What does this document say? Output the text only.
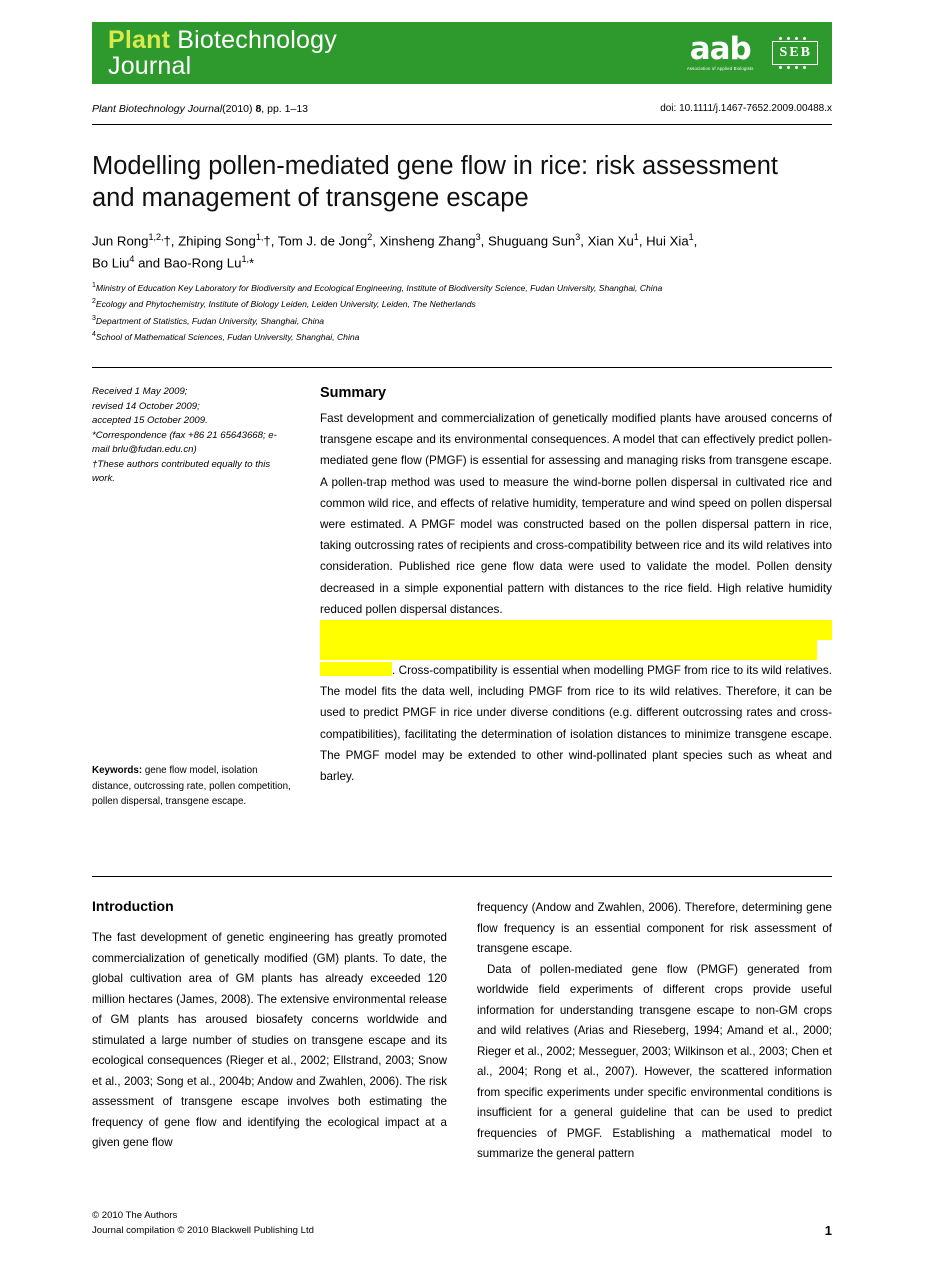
Plant Biotechnology
Journal	aab
Association of Applied Biologists
SEB
Plant Biotechnology Journal(2010) 8, pp. 1–13	doi: 10.1111/j.1467-7652.2009.00488.x
Modelling pollen-mediated gene flow in rice: risk assessment and management of transgene escape
Jun Rong$^{1,2,}$†, Zhiping Song$^{1,}$†, Tom J. de Jong$^2$, Xinsheng Zhang$^3$, Shuguang Sun$^3$, Xian Xu$^1$, Hui Xia$^1$,
Bo Liu$^4$ and Bao-Rong $Lu^{1,}*$
$^1$Ministry of Education Key Laboratory for Biodiversity and Ecological Engineering, Institute of Biodiversity Science, Fudan University, Shanghai, China
$^2$Ecology and Phytochemistry, Institute of Biology Leiden, Leiden University, Leiden, The Netherlands
$^3$Department of Statistics, Fudan University, Shanghai, China
$^4$School of Mathematical Sciences, Fudan University, Shanghai, China
Received 1 May 2009;
revised 14 October 2009;
accepted 15 October 2009.
*Correspondence (fax +86 21 65643668; e-mail brlu@fudan.edu.cn)
†These authors contributed equally to this work.
Keywords: gene flow model, isolation distance, outcrossing rate, pollen competition, pollen dispersal, transgene escape.
Summary
Fast development and commercialization of genetically modified plants have aroused concerns of transgene escape and its environmental consequences. A model that can effectively predict pollen-mediated gene flow (PMGF) is essential for assessing and managing risks from transgene escape. A pollen-trap method was used to measure the wind-borne pollen dispersal in cultivated rice and common wild rice, and effects of relative humidity, temperature and wind speed on pollen dispersal were estimated. A PMGF model was constructed based on the pollen dispersal pattern in rice, taking outcrossing rates of recipients and cross-compatibility between rice and its wild relatives into consideration. Published rice gene flow data were used to validate the model. Pollen density decreased in a simple exponential pattern with distances to the rice field. High relative humidity reduced pollen dispersal distances.
. Cross-compatibility is essential when modelling PMGF from rice to its wild relatives. The model fits the data well, including PMGF from rice to its wild relatives. Therefore, it can be used to predict PMGF in rice under diverse conditions (e.g. different outcrossing rates and cross-compatibilities), facilitating the determination of isolation distances to minimize transgene escape. The PMGF model may be extended to other wind-pollinated plant species such as wheat and barley.
Introduction

The fast development of genetic engineering has greatly promoted commercialization of genetically modified (GM) plants. To date, the global cultivation area of GM plants has already exceeded 120 million hectares (James, 2008). The extensive environmental release of GM plants has aroused biosafety concerns worldwide and stimulated a large number of studies on transgene escape and its ecological consequences (Rieger et al., 2002; Ellstrand, 2003; Snow et al., 2003; Song et al., 2004b; Andow and Zwahlen, 2006). The risk assessment of transgene escape involves both estimating the frequency of gene flow and identifying the ecological impact at a given gene flow

frequency (Andow and Zwahlen, 2006). Therefore, determining gene flow frequency is an essential component for risk assessment of transgene escape.

Data of pollen-mediated gene flow (PMGF) generated from worldwide field experiments of different crops provide useful information for understanding transgene escape to non-GM crops and wild relatives (Arias and Rieseberg, 1994; Amand et al., 2000; Rieger et al., 2002; Messeguer, 2003; Wilkinson et al., 2003; Chen et al., 2004; Rong et al., 2007). However, the scattered information from specific experiments under specific environmental conditions is insufficient for a general guideline that can be used to predict frequencies of PMGF. Establishing a mathematical model to summarize the general pattern

© 2010 The Authors
Journal compilation © 2010 Blackwell Publishing Ltd	1
